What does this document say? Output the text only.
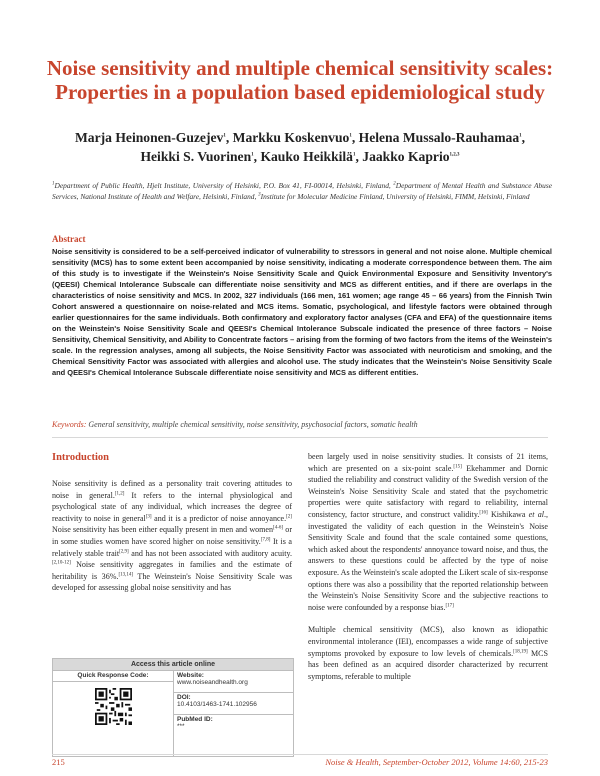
Noise sensitivity and multiple chemical sensitivity scales:
Properties in a population based epidemiological study
Marja Heinonen-Guzejev$^1$, Markku Koskenvuo$^1$, Helena Mussalo-Rauhamaa$^1$,
Heikki S. Vuorinen$^1$, Kauko Heikkilä$^1$, Jaakko Kaprio$^{1,2,3}$
$^1$Department of Public Health, Hjelt Institute, University of Helsinki, P.O. Box 41, FI-00014, Helsinki, Finland, $^2$Department of Mental Health and Substance Abuse Services, National Institute of Health and Welfare, Helsinki, Finland, $^3$Institute for Molecular Medicine Finland, University of Helsinki, FIMM, Helsinki, Finland

Abstract

Noise sensitivity is considered to be a self-perceived indicator of vulnerability to stressors in general and not noise alone. Multiple chemical sensitivity (MCS) has to some extent been accompanied by noise sensitivity, indicating a moderate correspondence between them. The aim of this study is to investigate if the Weinstein's Noise Sensitivity Scale and Quick Environmental Exposure and Sensitivity Inventory's (QEESI) Chemical Intolerance Subscale can differentiate noise sensitivity and MCS as different entities, and if there are overlaps in the characteristics of noise sensitivity and MCS. In 2002, 327 individuals (166 men, 161 women; age range 45 – 66 years) from the Finnish Twin Cohort answered a questionnaire on noise-related and MCS items. Somatic, psychological, and lifestyle factors were obtained through earlier questionnaires for the same individuals. Both confirmatory and exploratory factor analyses (CFA and EFA) of the questionnaire items on the Weinstein's Noise Sensitivity Scale and QEESI's Chemical Intolerance Subscale indicated the presence of three factors – Noise Sensitivity, Chemical Sensitivity, and Ability to Concentrate factors – arising from the forming of two factors from the items of the Weinstein's scale. In the regression analyses, among all subjects, the Noise Sensitivity Factor was associated with neuroticism and smoking, and the Chemical Sensitivity Factor was associated with allergies and alcohol use. The study indicates that the Weinstein's Noise Sensitivity Scale and QEESI's Chemical Intolerance Subscale differentiate noise sensitivity and MCS as different entities.
Keywords: General sensitivity, multiple chemical sensitivity, noise sensitivity, psychosocial factors, somatic health
Introduction

Noise sensitivity is defined as a personality trait covering attitudes to noise in general.[1,2] It refers to the internal physiological and psychological state of any individual, which increases the degree of reactivity to noise in general[3] and it is a predictor of noise annoyance.[2] Noise sensitivity has been either equally present in men and women[4-6] or in some studies women have scored higher on noise sensitivity.[7,8] It is a relatively stable trait[2,9] and has not been associated with auditory acuity.[2,10-12] Noise sensitivity aggregates in families and the estimate of heritability is 36%.[13,14] The Weinstein's Noise Sensitivity Scale was developed for assessing global noise sensitivity and has

Access this article online
Quick Response Code:	Website:
www.noiseandhealth.org
DOI:
10.4103/1463-1741.102956
PubMed ID:
***

been largely used in noise sensitivity studies. It consists of 21 items, which are presented on a six-point scale.[15] Ekehammer and Dornic studied the reliability and construct validity of the Swedish version of the Weinstein's Noise Sensitivity Scale and stated that the psychometric properties were quite satisfactory with regard to reliability, internal consistency, factor structure, and construct validity.[16] Kishikawa et al., investigated the validity of each question in the Weinstein's Noise Sensitivity Scale and found that the scale contained some questions, which asked about the respondents' annoyance toward noise, and thus, the answers to these questions could be affected by the type of noise exposure. As the Weinstein's scale adopted the Likert scale of six-response options there was also a possibility that the reported relationship between the Weinstein's Noise Sensitivity Score and the subjective reactions to noise were confounded by a response bias.[17]

Multiple chemical sensitivity (MCS), also known as idiopathic environmental intolerance (IEI), encompasses a wide range of subjective symptoms provoked by exposure to low levels of chemicals.[18,19] MCS has been defined as an acquired disorder characterized by recurrent symptoms, referable to multiple

215	Noise & Health, September-October 2012, Volume 14:60, 215-23
